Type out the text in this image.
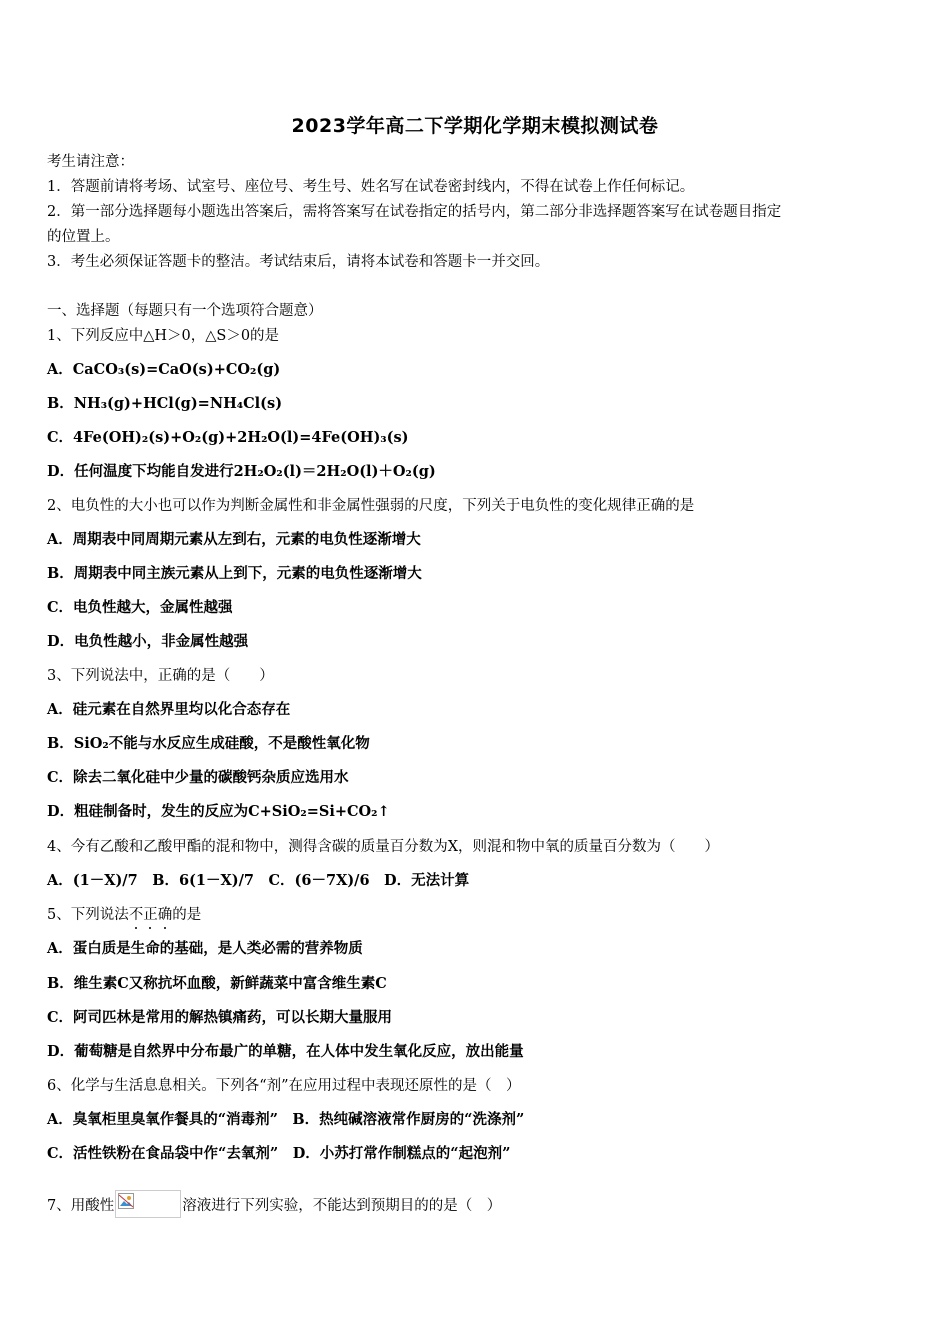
2023学年高二下学期化学期末模拟测试卷
考生请注意：
1．答题前请将考场、试室号、座位号、考生号、姓名写在试卷密封线内，不得在试卷上作任何标记。
2．第一部分选择题每小题选出答案后，需将答案写在试卷指定的括号内，第二部分非选择题答案写在试卷题目指定
的位置上。
3．考生必须保证答题卡的整洁。考试结束后，请将本试卷和答题卡一并交回。
一、选择题（每题只有一个选项符合题意）
1、下列反应中△H＞0，△S＞0的是
A．CaCO₃(s)=CaO(s)+CO₂(g)
B．NH₃(g)+HCl(g)=NH₄Cl(s)
C．4Fe(OH)₂(s)+O₂(g)+2H₂O(l)=4Fe(OH)₃(s)
D．任何温度下均能自发进行2H₂O₂(l)＝2H₂O(l)＋O₂(g)
2、电负性的大小也可以作为判断金属性和非金属性强弱的尺度，下列关于电负性的变化规律正确的是
A．周期表中同周期元素从左到右，元素的电负性逐渐增大
B．周期表中同主族元素从上到下，元素的电负性逐渐增大
C．电负性越大，金属性越强
D．电负性越小，非金属性越强
3、下列说法中，正确的是（　　）
A．硅元素在自然界里均以化合态存在
B．SiO₂不能与水反应生成硅酸，不是酸性氧化物
C．除去二氧化硅中少量的碳酸钙杂质应选用水
D．粗硅制备时，发生的反应为C+SiO₂=Si+CO₂↑
4、今有乙酸和乙酸甲酯的混和物中，测得含碳的质量百分数为X，则混和物中氧的质量百分数为（　　）
A．(1－X)/7　B．6(1－X)/7　C．(6－7X)/6　D．无法计算
5、下列说法不
正
确
的是
A．蛋白质是生命的基础，是人类必需的营养物质
B．维生素C又称抗坏血酸，新鲜蔬菜中富含维生素C
C．阿司匹林是常用的解热镇痛药，可以长期大量服用
D．葡萄糖是自然界中分布最广的单糖，在人体中发生氧化反应，放出能量
6、化学与生活息息相关。下列各“剂”在应用过程中表现还原性的是（　）
A．臭氧柜里臭氧作餐具的“消毒剂”　B．热纯碱溶液常作厨房的“洗涤剂”
C．活性铁粉在食品袋中作“去氧剂”　D．小苏打常作制糕点的“起泡剂”
7、用酸性	溶液进行下列实验，不能达到预期目的的是（　）
